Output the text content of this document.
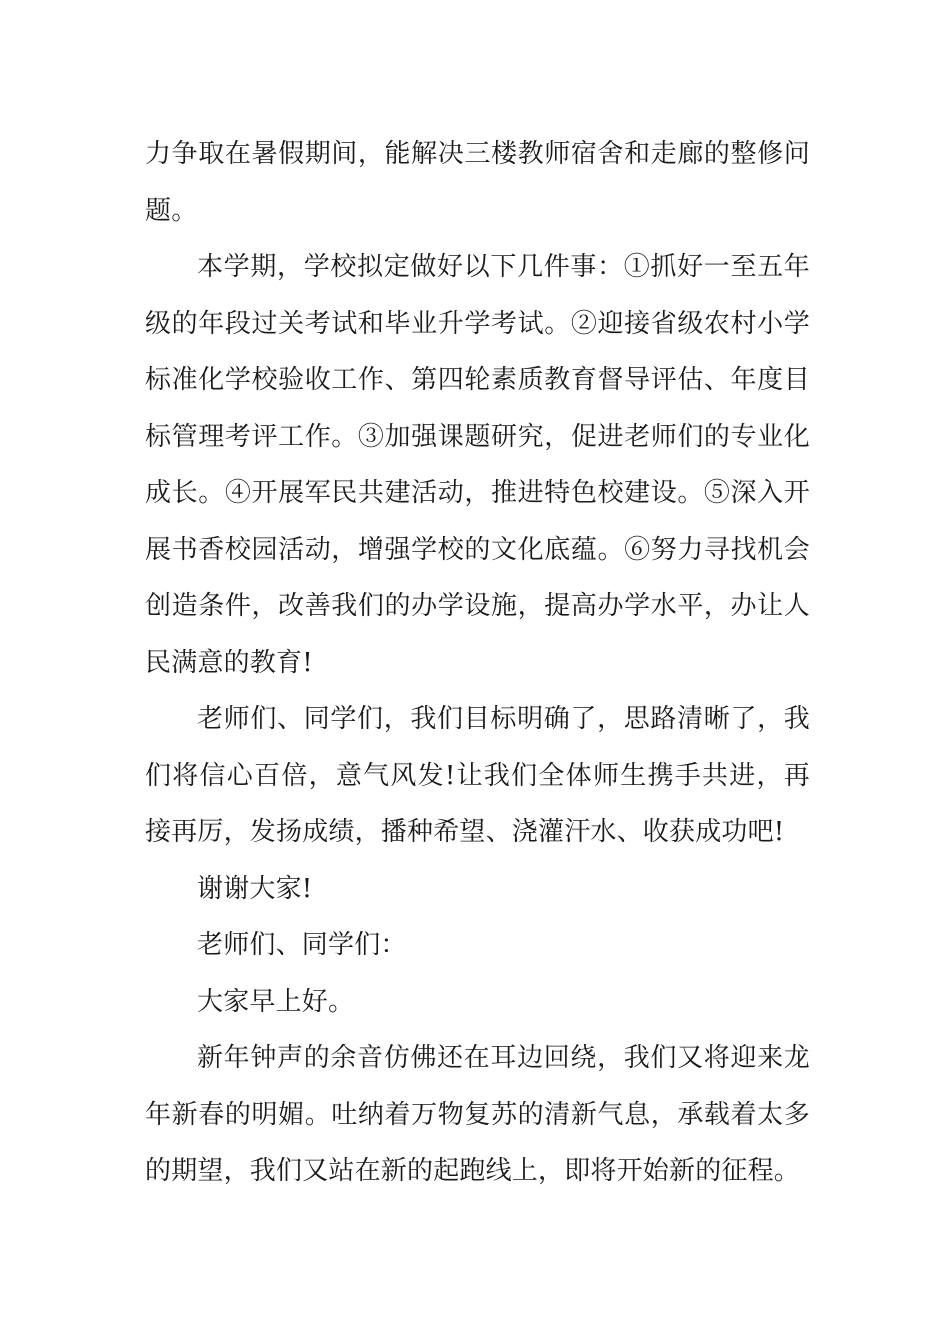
力争取在暑假期间，能解决三楼教师宿舍和走廊的整修问题。

本学期，学校拟定做好以下几件事：①抓好一至五年级的年段过关考试和毕业升学考试。②迎接省级农村小学标准化学校验收工作、第四轮素质教育督导评估、年度目标管理考评工作。③加强课题研究，促进老师们的专业化成长。④开展军民共建活动，推进特色校建设。⑤深入开展书香校园活动，增强学校的文化底蕴。⑥努力寻找机会创造条件，改善我们的办学设施，提高办学水平，办让人民满意的教育!

老师们、同学们，我们目标明确了，思路清晰了，我们将信心百倍，意气风发!让我们全体师生携手共进，再接再厉，发扬成绩，播种希望、浇灌汗水、收获成功吧!

谢谢大家!

老师们、同学们：

大家早上好。

新年钟声的余音仿佛还在耳边回绕，我们又将迎来龙年新春的明媚。吐纳着万物复苏的清新气息，承载着太多的期望，我们又站在新的起跑线上，即将开始新的征程。
